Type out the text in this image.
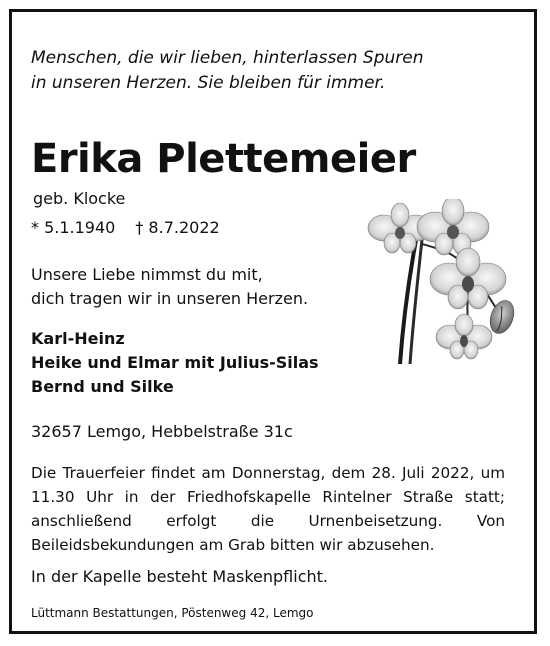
Menschen, die wir lieben, hinterlassen Spuren
in unseren Herzen. Sie bleiben für immer.

Erika Plettemeier

geb. Klocke

* 5.1.1940 † 8.7.2022

Unsere Liebe nimmst du mit,
dich tragen wir in unseren Herzen.

Karl-Heinz
Heike und Elmar mit Julius-Silas
Bernd und Silke

32657 Lemgo, Hebbelstraße 31c

Die Trauerfeier findet am Donnerstag, dem 28. Juli 2022, um 11.30 Uhr in der Friedhofskapelle Rintelner Straße statt; anschließend erfolgt die Urnenbeisetzung. Von Beileidsbekundungen am Grab bitten wir abzusehen.

In der Kapelle besteht Maskenpflicht.

Lüttmann Bestattungen, Pöstenweg 42, Lemgo
